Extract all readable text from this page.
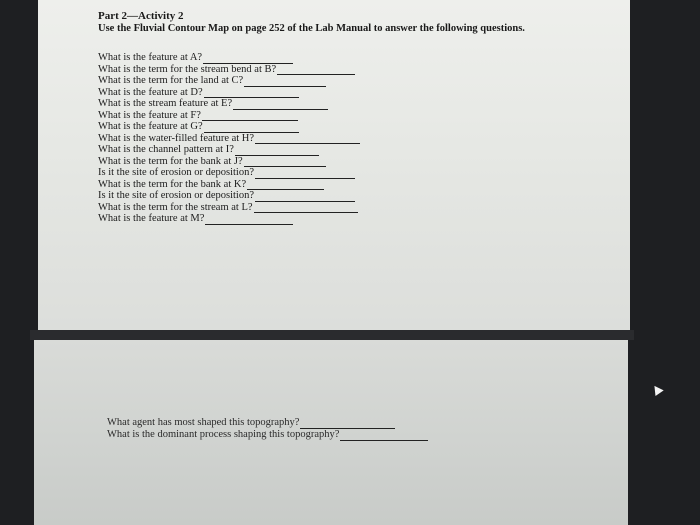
Part 2—Activity 2
Use the Fluvial Contour Map on page 252 of the Lab Manual to answer the following questions.
What is the feature at A?
What is the term for the stream bend at B?
What is the term for the land at C?
What is the feature at D?
What is the stream feature at E?
What is the feature at F?
What is the feature at G?
What is the water-filled feature at H?
What is the channel pattern at I?
What is the term for the bank at J?
Is it the site of erosion or deposition?
What is the term for the bank at K?
Is it the site of erosion or deposition?
What is the term for the stream at L?
What is the feature at M?
What agent has most shaped this topography?
What is the dominant process shaping this topography?
